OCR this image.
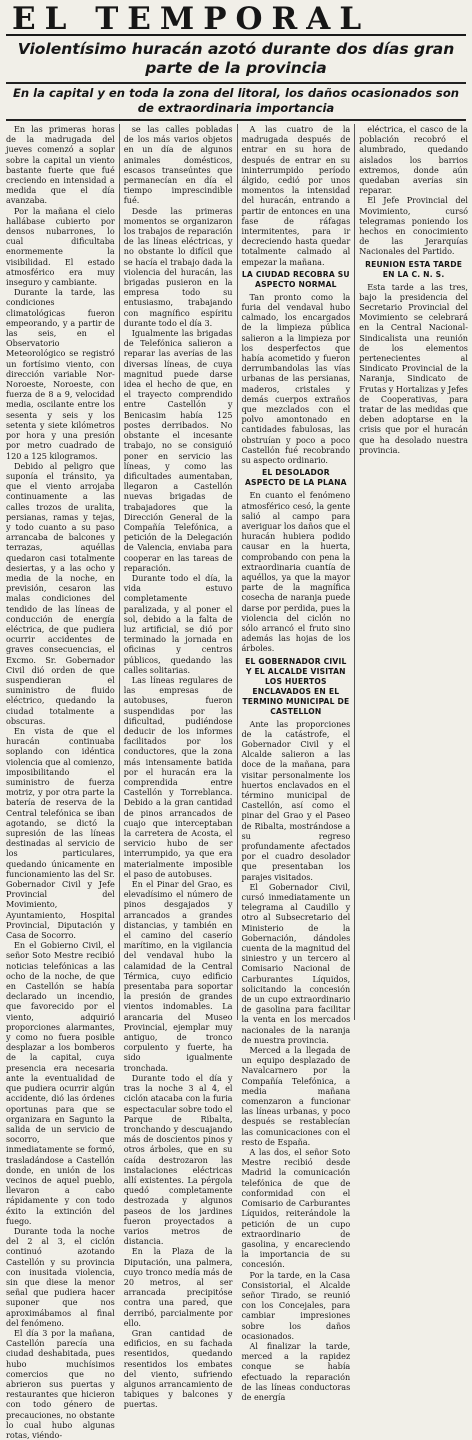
EL TEMPORAL
Violentísimo huracán azotó durante dos días gran parte de la provincia
En la capital y en toda la zona del litoral, los daños ocasionados son de extraordinaria importancia

En las primeras horas de la madrugada del jueves comenzó a soplar sobre la capital un viento bastante fuerte que fué creciendo en intensidad a medida que el día avanzaba.

Por la mañana el cielo hallábase cubierto por densos nubarrones, lo cual dificultaba enormemente la visibilidad. El estado atmosférico era muy inseguro y cambiante.

Durante la tarde, las condiciones climatológicas fueron empeorando, y a partir de las seis, en el Observatorio Meteorológico se registró un fortísimo viento, con dirección variable Nor-Noroeste, Noroeste, con fuerza de 8 a 9, velocidad media, oscilante entre los sesenta y seis y los setenta y siete kilómetros por hora y una presión por metro cuadrado de 120 a 125 kilogramos.

Debido al peligro que suponía el tránsito, ya que el viento arrojaba continuamente a las calles trozos de uralita, persianas, ramas y tejas, y todo cuanto a su paso arrancaba de balcones y terrazas, aquéllas quedaron casi totalmente desiertas, y a las ocho y media de la noche, en previsión, cesaron las malas condiciones del tendido de las líneas de conducción de energía eléctrica, de que pudiera ocurrir accidentes de graves consecuencias, el Excmo. Sr. Gobernador Civil dió orden de que suspendieran el suministro de fluido eléctrico, quedando la ciudad totalmente a obscuras.

En vista de que el huracán continuaba soplando con idéntica violencia que al comienzo, imposibilitando el suministro de fuerza motriz, y por otra parte la batería de reserva de la Central telefónica se iban agotando, se dictó la supresión de las líneas destinadas al servicio de los particulares, quedando únicamente en funcionamiento las del Sr. Gobernador Civil y Jefe Provincial del Movimiento, Ayuntamiento, Hospital Provincial, Diputación y Casa de Socorro.

En el Gobierno Civil, el señor Soto Mestre recibió noticias telefónicas a las ocho de la noche, de que en Castellón se había declarado un incendio, que favorecido por el viento, adquirió proporciones alarmantes, y como no fuera posible desplazar a los bomberos de la capital, cuya presencia era necesaria ante la eventualidad de que pudiera ocurrir algún accidente, dió las órdenes oportunas para que se organizara en Sagunto la salida de un servicio de socorro, que inmediatamente se formó, trasladándose a Castellón donde, en unión de los vecinos de aquel pueblo, llevaron a cabo rápidamente y con todo éxito la extinción del fuego.

Durante toda la noche del 2 al 3, el ciclón continuó azotando Castellón y su provincia con inusitada violencia, sin que diese la menor señal que pudiera hacer suponer que nos aproximábamos al final del fenómeno.

El día 3 por la mañana, Castellón parecía una ciudad deshabitada, pues hubo muchísimos comercios que no abrieron sus puertas y restaurantes que hicieron con todo género de precauciones, no obstante lo cual hubo algunas rotas, viéndo-

se las calles pobladas de los más varios objetos en un día de algunos animales domésticos, escasos transeúntes que permanecían en día el tiempo imprescindible fué.

Desde las primeras momentos se organizaron los trabajos de reparación de las líneas eléctricas, y no obstante lo difícil que se hacía el trabajo dada la violencia del huracán, las brigadas pusieron en la empresa todo su entusiasmo, trabajando con magnífico espíritu durante todo el día 3.

Igualmente las brigadas de Telefónica salieron a reparar las averías de las diversas líneas, de cuya magnitud puede darse idea el hecho de que, en el trayecto comprendido entre Castellón y Benicasim había 125 postes derribados. No obstante el incesante trabajo, no se consiguió poner en servicio las líneas, y como las dificultades aumentaban, llegaron a Castellón nuevas brigadas de trabajadores que la Dirección General de la Compañía Telefónica, a petición de la Delegación de Valencia, enviaba para cooperar en las tareas de reparación.

Durante todo el día, la vida estuvo completamente paralizada, y al poner el sol, debido a la falta de luz artificial, se dió por terminado la jornada en oficinas y centros públicos, quedando las calles solitarias.

Las líneas regulares de las empresas de autobuses, fueron suspendidas por las dificultad, pudiéndose deducir de los informes facilitados por los conductores, que la zona más intensamente batida por el huracán era la comprendida entre Castellón y Torreblanca. Debido a la gran cantidad de pinos arrancados de cuajo que interceptaban la carretera de Acosta, el servicio hubo de ser interrumpido, ya que era materialmente imposible el paso de autobuses.

En el Pinar del Grao, es elevadísimo el número de pinos desgajados y arrancados a grandes distancias, y también en el camino del caserío marítimo, en la vigilancia del vendaval hubo la calamidad de la Central Térmica, cuyo edificio presentaba para soportar la presión de grandes vientos indomables. La arancaria del Museo Provincial, ejemplar muy antiguo, de tronco corpulento y fuerte, ha sido igualmente tronchada.

Durante todo el día y tras la noche 3 al 4, el ciclón atacaba con la furia espectacular sobre todo el Parque de Ribalta, tronchando y descuajando más de doscientos pinos y otros árboles, que en su caída destrozaron las instalaciones eléctricas allí existentes. La pérgola quedó completamente destrozada y algunos paseos de los jardines fueron proyectados a varios metros de distancia.

En la Plaza de la Diputación, una palmera, cuyo tronco medía más de 20 metros, al ser arrancada precipitóse contra una pared, que derribó, parcialmente por ello.

Gran cantidad de edificios, en su fachada resentidos, quedando resentidos los embates del viento, sufriendo algunos arrancamiento de tabiques y balcones y puertas.

A las cuatro de la madrugada después de entrar en su hora de después de entrar en su ininterrumpido período álgido, cedió por unos momentos la intensidad del huracán, entrando a partir de entonces en una fase de ráfagas intermitentes, para ir decreciendo hasta quedar totalmente calmado al empezar la mañana.

LA CIUDAD RECOBRA SU ASPECTO NORMAL

Tan pronto como la furia del vendaval hubo calmado, los encargados de la limpieza pública salieron a la limpieza por los desperfectos que había acometido y fueron derrumbandolas las vías urbanas de las persianas, maderos, cristales y demás cuerpos extraños que mezclados con el polvo amontonado en cantidades fabulosas, las obstruían y poco a poco Castellón fué recobrando su aspecto ordinario.

EL DESOLADOR ASPECTO DE LA PLANA

En cuanto el fenómeno atmosférico cesó, la gente salió al campo para averiguar los daños que el huracán hubiera podido causar en la huerta, comprobando con pena la extraordinaria cuantía de aquéllos, ya que la mayor parte de la magnífica cosecha de naranja puede darse por perdida, pues la violencia del ciclón no sólo arrancó el fruto sino además las hojas de los árboles.

EL GOBERNADOR CIVIL Y EL ALCALDE VISITAN LOS HUERTOS ENCLAVADOS EN EL TERMINO MUNICIPAL DE CASTELLON

Ante las proporciones de la catástrofe, el Gobernador Civil y el Alcalde salieron a las doce de la mañana, para visitar personalmente los huertos enclavados en el término municipal de Castellón, así como el pinar del Grao y el Paseo de Ribalta, mostrándose a su regreso profundamente afectados por el cuadro desolador que presentaban los parajes visitados.

El Gobernador Civil, cursó inmediatamente un telegrama al Caudillo y otro al Subsecretario del Ministerio de la Gobernación, dándoles cuenta de la magnitud del siniestro y un tercero al Comisario Nacional de Carburantes Líquidos, solicitando la concesión de un cupo extraordinario de gasolina para facilitar la venta en los mercados nacionales de la naranja de nuestra provincia.

Merced a la llegada de un equipo desplazado de Navalcarnero por la Compañía Telefónica, a media mañana comenzaron a funcionar las líneas urbanas, y poco después se restablecían las comunicaciones con el resto de España.

A las dos, el señor Soto Mestre recibió desde Madrid la comunicación telefónica de que de conformidad con el Comisario de Carburantes Líquidos, reiterándole la petición de un cupo extraordinario de gasolina, y encareciendo la importancia de su concesión.

Por la tarde, en la Casa Consistorial, el Alcalde señor Tirado, se reunió con los Concejales, para cambiar impresiones sobre los daños ocasionados.

Al finalizar la tarde, merced a la rapidez conque se había efectuado la reparación de las líneas conductoras de energía

eléctrica, el casco de la población recobró el alumbrado, quedando aislados los barrios extremos, donde aún quedaban averías sin reparar.

El Jefe Provincial del Movimiento, cursó telegramas poniendo los hechos en conocimiento de las Jerarquías Nacionales del Partido.

REUNION ESTA TARDE EN LA C. N. S.

Esta tarde a las tres, bajo la presidencia del Secretario Provincial del Movimiento se celebrará en la Central Nacional-Sindicalista una reunión de los elementos pertenecientes al Sindicato Provincial de la Naranja, Sindicato de Frutas y Hortalizas y Jefes de Cooperativas, para tratar de las medidas que deben adoptarse en la crisis que por el huracán que ha desolado nuestra provincia.
